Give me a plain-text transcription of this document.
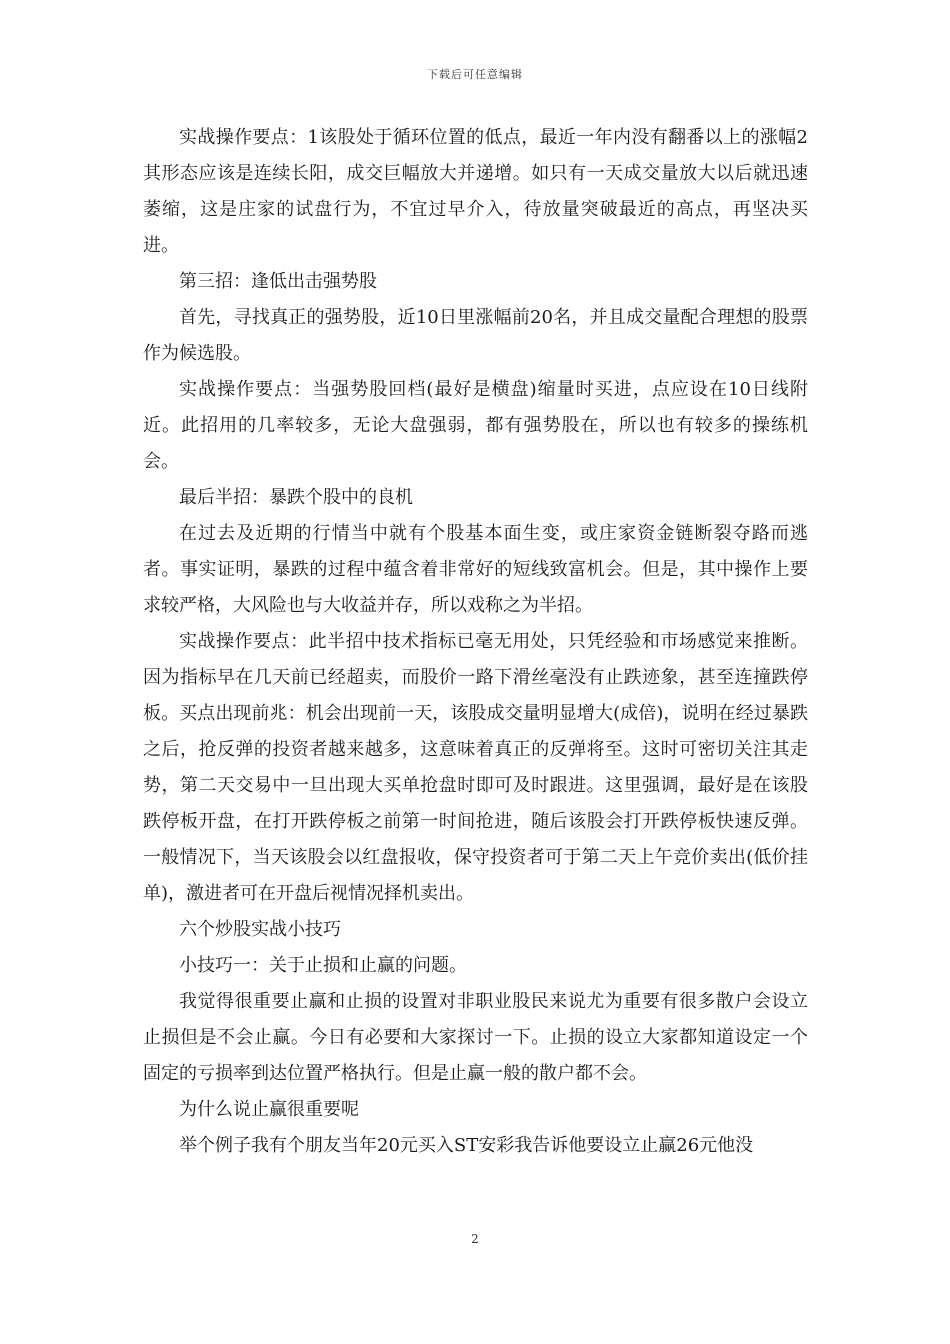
下载后可任意编辑

实战操作要点：1该股处于循环位置的低点，最近一年内没有翻番以上的涨幅2其形态应该是连续长阳，成交巨幅放大并递增。如只有一天成交量放大以后就迅速萎缩，这是庄家的试盘行为，不宜过早介入，待放量突破最近的高点，再坚决买进。

第三招：逢低出击强势股

首先，寻找真正的强势股，近10日里涨幅前20名，并且成交量配合理想的股票作为候选股。

实战操作要点：当强势股回档(最好是横盘)缩量时买进，点应设在10日线附近。此招用的几率较多，无论大盘强弱，都有强势股在，所以也有较多的操练机会。

最后半招：暴跌个股中的良机

在过去及近期的行情当中就有个股基本面生变，或庄家资金链断裂夺路而逃者。事实证明，暴跌的过程中蕴含着非常好的短线致富机会。但是，其中操作上要求较严格，大风险也与大收益并存，所以戏称之为半招。

实战操作要点：此半招中技术指标已毫无用处，只凭经验和市场感觉来推断。因为指标早在几天前已经超卖，而股价一路下滑丝毫没有止跌迹象，甚至连撞跌停板。买点出现前兆：机会出现前一天，该股成交量明显增大(成倍)，说明在经过暴跌之后，抢反弹的投资者越来越多，这意味着真正的反弹将至。这时可密切关注其走势，第二天交易中一旦出现大买单抢盘时即可及时跟进。这里强调，最好是在该股跌停板开盘，在打开跌停板之前第一时间抢进，随后该股会打开跌停板快速反弹。一般情况下，当天该股会以红盘报收，保守投资者可于第二天上午竞价卖出(低价挂单)，激进者可在开盘后视情况择机卖出。

六个炒股实战小技巧

小技巧一：关于止损和止赢的问题。

我觉得很重要止赢和止损的设置对非职业股民来说尤为重要有很多散户会设立止损但是不会止赢。今日有必要和大家探讨一下。止损的设立大家都知道设定一个固定的亏损率到达位置严格执行。但是止赢一般的散户都不会。

为什么说止赢很重要呢

举个例子我有个朋友当年20元买入ST安彩我告诉他要设立止赢26元他没

2
